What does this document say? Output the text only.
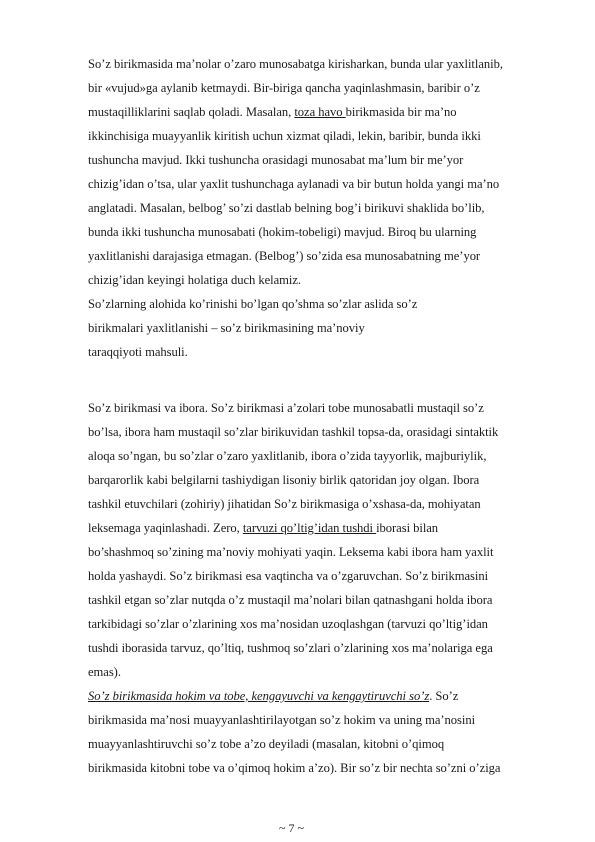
So’z birikmasida ma’nolar o’zaro munosabatga kirisharkan, bunda ular yaxlitlanib,
bir «vujud»ga aylanib ketmaydi. Bir-biriga qancha yaqinlashmasin, baribir o’z
mustaqilliklarini saqlab qoladi. Masalan, toza havo birikmasida bir ma’no
ikkinchisiga muayyanlik kiritish uchun xizmat qiladi, lekin, baribir, bunda ikki
tushuncha mavjud. Ikki tushuncha orasidagi munosabat ma’lum bir me’yor
chizig’idan o’tsa, ular yaxlit tushunchaga aylanadi va bir butun holda yangi ma’no
anglatadi. Masalan, belbog’ so’zi dastlab belning bog’i birikuvi shaklida bo’lib,
bunda ikki tushuncha munosabati (hokim-tobeligi) mavjud. Biroq bu ularning
yaxlitlanishi darajasiga etmagan. (Belbog’) so’zida esa munosabatning me’yor
chizig’idan keyingi holatiga duch kelamiz.
So’zlarning alohida ko’rinishi bo’lgan qo’shma so’zlar aslida so’z
birikmalari yaxlitlanishi – so’z birikmasining ma’noviy
taraqqiyoti mahsuli.
So’z birikmasi va ibora. So’z birikmasi a’zolari tobe munosabatli mustaqil so’z
bo’lsa, ibora ham mustaqil so’zlar birikuvidan tashkil topsa-da, orasidagi sintaktik
aloqa so’ngan, bu so’zlar o’zaro yaxlitlanib, ibora o’zida tayyorlik, majburiylik,
barqarorlik kabi belgilarni tashiydigan lisoniy birlik qatoridan joy olgan. Ibora
tashkil etuvchilari (zohiriy) jihatidan So’z birikmasiga o’xshasa-da, mohiyatan
leksemaga yaqinlashadi. Zero, tarvuzi qo’ltig’idan tushdi iborasi bilan
bo’shashmoq so’zining ma’noviy mohiyati yaqin. Leksema kabi ibora ham yaxlit
holda yashaydi. So’z birikmasi esa vaqtincha va o’zgaruvchan. So’z birikmasini
tashkil etgan so’zlar nutqda o’z mustaqil ma’nolari bilan qatnashgani holda ibora
tarkibidagi so’zlar o’zlarining xos ma’nosidan uzoqlashgan (tarvuzi qo’ltig’idan
tushdi iborasida tarvuz, qo’ltiq, tushmoq so’zlari o’zlarining xos ma’nolariga ega
emas).
So’z birikmasida hokim va tobe, kengayuvchi va kengaytiruvchi so’z. So’z
birikmasida ma’nosi muayyanlashtirilayotgan so’z hokim va uning ma’nosini
muayyanlashtiruvchi so’z tobe a’zo deyiladi (masalan, kitobni o’qimoq
birikmasida kitobni tobe va o’qimoq hokim a’zo). Bir so’z bir nechta so’zni o’ziga
~ 7 ~
